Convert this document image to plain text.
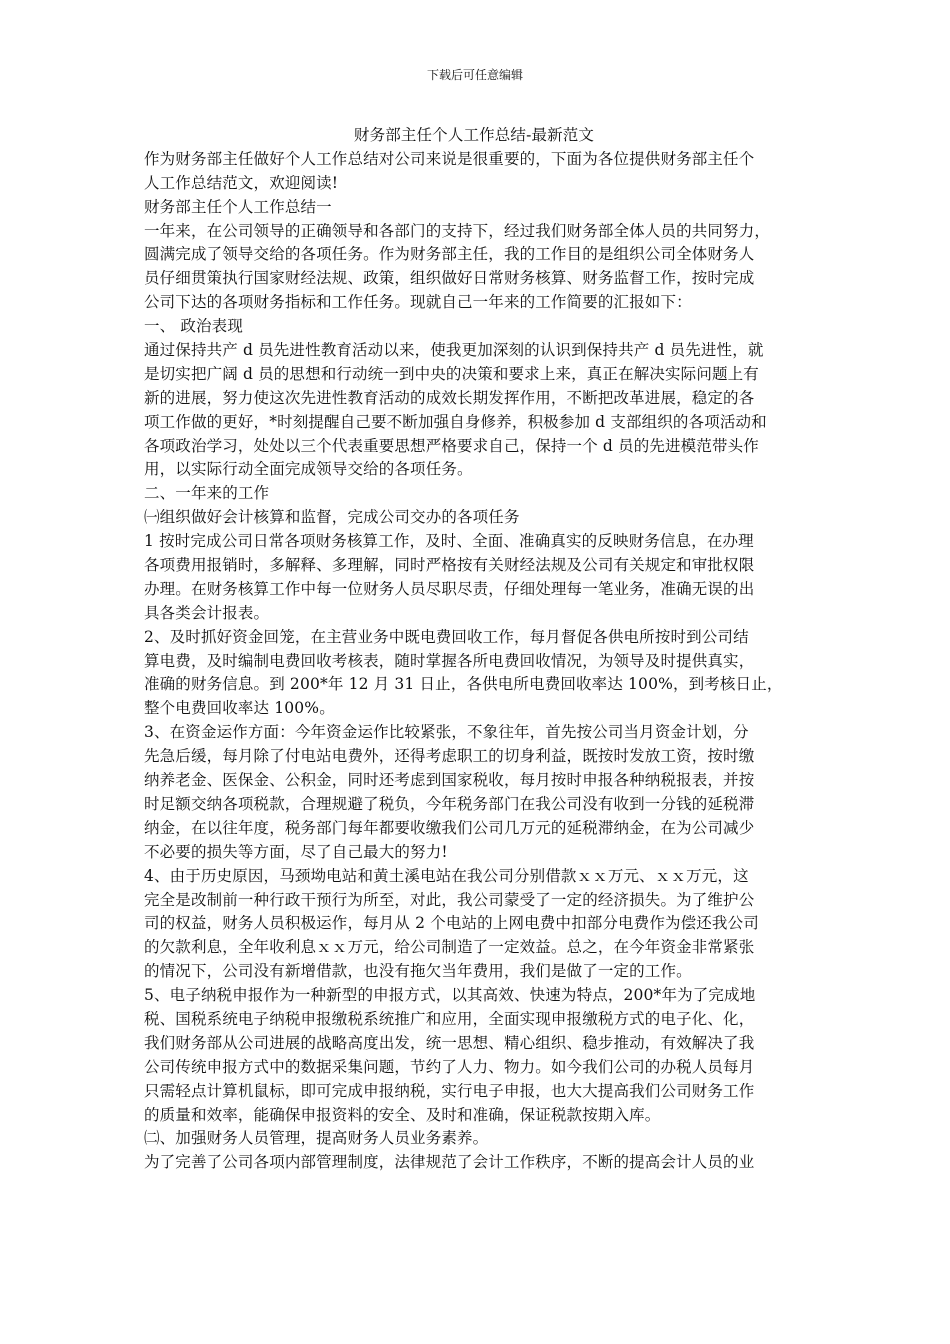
下载后可任意编辑
财务部主任个人工作总结-最新范文
作为财务部主任做好个人工作总结对公司来说是很重要的，下面为各位提供财务部主任个
人工作总结范文，欢迎阅读!
财务部主任个人工作总结一
一年来，在公司领导的正确领导和各部门的支持下，经过我们财务部全体人员的共同努力，
圆满完成了领导交给的各项任务。作为财务部主任，我的工作目的是组织公司全体财务人
员仔细贯策执行国家财经法规、政策，组织做好日常财务核算、财务监督工作，按时完成
公司下达的各项财务指标和工作任务。现就自己一年来的工作简要的汇报如下：
一、 政治表现
通过保持共产 d 员先进性教育活动以来，使我更加深刻的认识到保持共产 d 员先进性，就
是切实把广阔 d 员的思想和行动统一到中央的决策和要求上来，真正在解决实际问题上有
新的进展，努力使这次先进性教育活动的成效长期发挥作用，不断把改革进展，稳定的各
项工作做的更好，*时刻提醒自己要不断加强自身修养，积极参加 d 支部组织的各项活动和
各项政治学习，处处以三个代表重要思想严格要求自己，保持一个 d 员的先进模范带头作
用，以实际行动全面完成领导交给的各项任务。
二、一年来的工作
㈠组织做好会计核算和监督，完成公司交办的各项任务
1 按时完成公司日常各项财务核算工作，及时、全面、准确真实的反映财务信息，在办理
各项费用报销时，多解释、多理解，同时严格按有关财经法规及公司有关规定和审批权限
办理。在财务核算工作中每一位财务人员尽职尽责，仔细处理每一笔业务，准确无误的出
具各类会计报表。
2、及时抓好资金回笼，在主营业务中既电费回收工作，每月督促各供电所按时到公司结
算电费，及时编制电费回收考核表，随时掌握各所电费回收情况，为领导及时提供真实，
准确的财务信息。到 200*年 12 月 31 日止，各供电所电费回收率达 100%，到考核日止，
整个电费回收率达 100%。
3、在资金运作方面：今年资金运作比较紧张，不象往年，首先按公司当月资金计划，分
先急后缓，每月除了付电站电费外，还得考虑职工的切身利益，既按时发放工资，按时缴
纳养老金、医保金、公积金，同时还考虑到国家税收，每月按时申报各种纳税报表，并按
时足额交纳各项税款，合理规避了税负，今年税务部门在我公司没有收到一分钱的延税滞
纳金，在以往年度，税务部门每年都要收缴我们公司几万元的延税滞纳金，在为公司减少
不必要的损失等方面，尽了自己最大的努力!
4、由于历史原因，马颈坳电站和黄土溪电站在我公司分别借款ｘｘ万元、ｘｘ万元，这
完全是改制前一种行政干预行为所至，对此，我公司蒙受了一定的经济损失。为了维护公
司的权益，财务人员积极运作，每月从 2 个电站的上网电费中扣部分电费作为偿还我公司
的欠款利息，全年收利息ｘｘ万元，给公司制造了一定效益。总之，在今年资金非常紧张
的情况下，公司没有新增借款，也没有拖欠当年费用，我们是做了一定的工作。
5、电子纳税申报作为一种新型的申报方式，以其高效、快速为特点，200*年为了完成地
税、国税系统电子纳税申报缴税系统推广和应用，全面实现申报缴税方式的电子化、化，
我们财务部从公司进展的战略高度出发，统一思想、精心组织、稳步推动，有效解决了我
公司传统申报方式中的数据采集问题，节约了人力、物力。如今我们公司的办税人员每月
只需轻点计算机鼠标，即可完成申报纳税，实行电子申报，也大大提高我们公司财务工作
的质量和效率，能确保申报资料的安全、及时和准确，保证税款按期入库。
㈡、加强财务人员管理，提高财务人员业务素养。
为了完善了公司各项内部管理制度，法律规范了会计工作秩序，不断的提高会计人员的业
